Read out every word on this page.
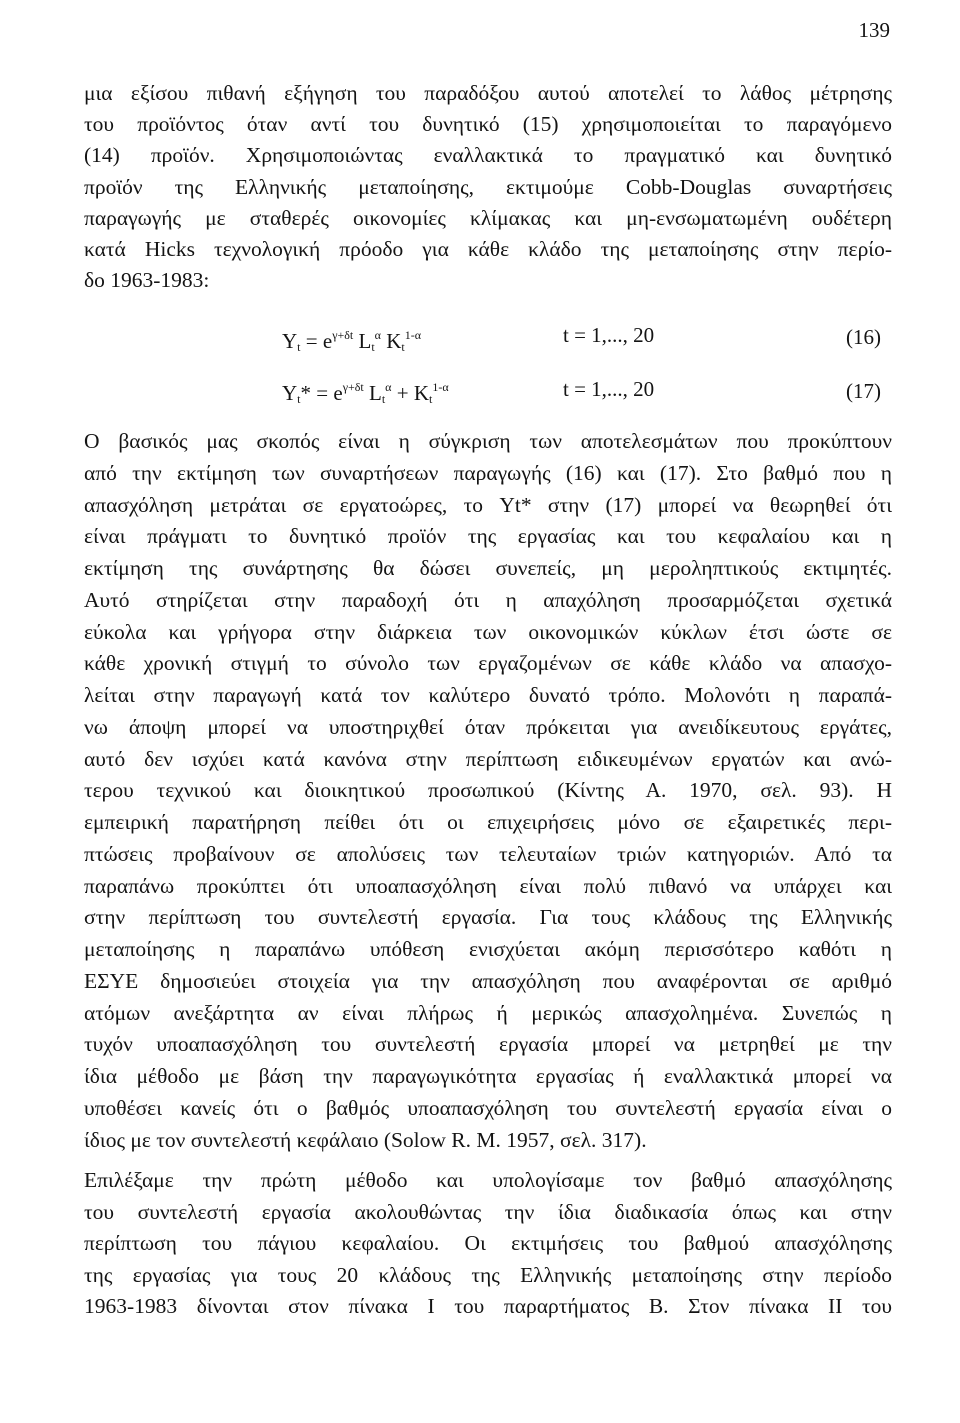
139
μια εξίσου πιθανή εξήγηση του παραδόξου αυτού αποτελεί το λάθος μέτρησης
του προϊόντος όταν αντί του δυνητικό (15) χρησιμοποιείται το παραγόμενο
(14) προϊόν. Χρησιμοποιώντας εναλλακτικά το πραγματικό και δυνητικό
προϊόν της Ελληνικής μεταποίησης, εκτιμούμε Cobb-Douglas συναρτήσεις
παραγωγής με σταθερές οικονομίες κλίμακας και μη-ενσωματωμένη ουδέτερη
κατά Hicks τεχνολογική πρόοδο για κάθε κλάδο της μεταποίησης στην περίο-
δο 1963-1983:
$Y_t = e^{\gamma+\delta t}$ $L_t^\alpha$ $K_t^{1-\alpha}$	t = 1,..., 20	(16)
$Y_t* = e^{\gamma+\delta t}$ $L_t^\alpha + K_t^{1-\alpha}$	t = 1,..., 20	(17)
Ο βασικός μας σκοπός είναι η σύγκριση των αποτελεσμάτων που προκύπτουν
από την εκτίμηση των συναρτήσεων παραγωγής (16) και (17). Στο βαθμό που η
απασχόληση μετράται σε εργατοώρες, το Yt* στην (17) μπορεί να θεωρηθεί ότι
είναι πράγματι το δυνητικό προϊόν της εργασίας και του κεφαλαίου και η
εκτίμηση της συνάρτησης θα δώσει συνεπείς, μη μεροληπτικούς εκτιμητές.
Αυτό στηρίζεται στην παραδοχή ότι η απαχόληση προσαρμόζεται σχετικά
εύκολα και γρήγορα στην διάρκεια των οικονομικών κύκλων έτσι ώστε σε
κάθε χρονική στιγμή το σύνολο των εργαζομένων σε κάθε κλάδο να απασχο-
λείται στην παραγωγή κατά τον καλύτερο δυνατό τρόπο. Μολονότι η παραπά-
νω άποψη μπορεί να υποστηριχθεί όταν πρόκειται για ανειδίκευτους εργάτες,
αυτό δεν ισχύει κατά κανόνα στην περίπτωση ειδικευμένων εργατών και ανώ-
τερου τεχνικού και διοικητικού προσωπικού (Κίντης Α. 1970, σελ. 93). Η
εμπειρική παρατήρηση πείθει ότι οι επιχειρήσεις μόνο σε εξαιρετικές περι-
πτώσεις προβαίνουν σε απολύσεις των τελευταίων τριών κατηγοριών. Από τα
παραπάνω προκύπτει ότι υποαπασχόληση είναι πολύ πιθανό να υπάρχει και
στην περίπτωση του συντελεστή εργασία. Για τους κλάδους της Ελληνικής
μεταποίησης η παραπάνω υπόθεση ενισχύεται ακόμη περισσότερο καθότι η
ΕΣΥΕ δημοσιεύει στοιχεία για την απασχόληση που αναφέρονται σε αριθμό
ατόμων ανεξάρτητα αν είναι πλήρως ή μερικώς απασχολημένα. Συνεπώς η
τυχόν υποαπασχόληση του συντελεστή εργασία μπορεί να μετρηθεί με την
ίδια μέθοδο με βάση την παραγωγικότητα εργασίας ή εναλλακτικά μπορεί να
υποθέσει κανείς ότι ο βαθμός υποαπασχόληση του συντελεστή εργασία είναι ο
ίδιος με τον συντελεστή κεφάλαιο (Solow R. M. 1957, σελ. 317).
Επιλέξαμε την πρώτη μέθοδο και υπολογίσαμε τον βαθμό απασχόλησης
του συντελεστή εργασία ακολουθώντας την ίδια διαδικασία όπως και στην
περίπτωση του πάγιου κεφαλαίου. Οι εκτιμήσεις του βαθμού απασχόλησης
της εργασίας για τους 20 κλάδους της Ελληνικής μεταποίησης στην περίοδο
1963-1983 δίνονται στον πίνακα Ι του παραρτήματος Β. Στον πίνακα ΙΙ του
